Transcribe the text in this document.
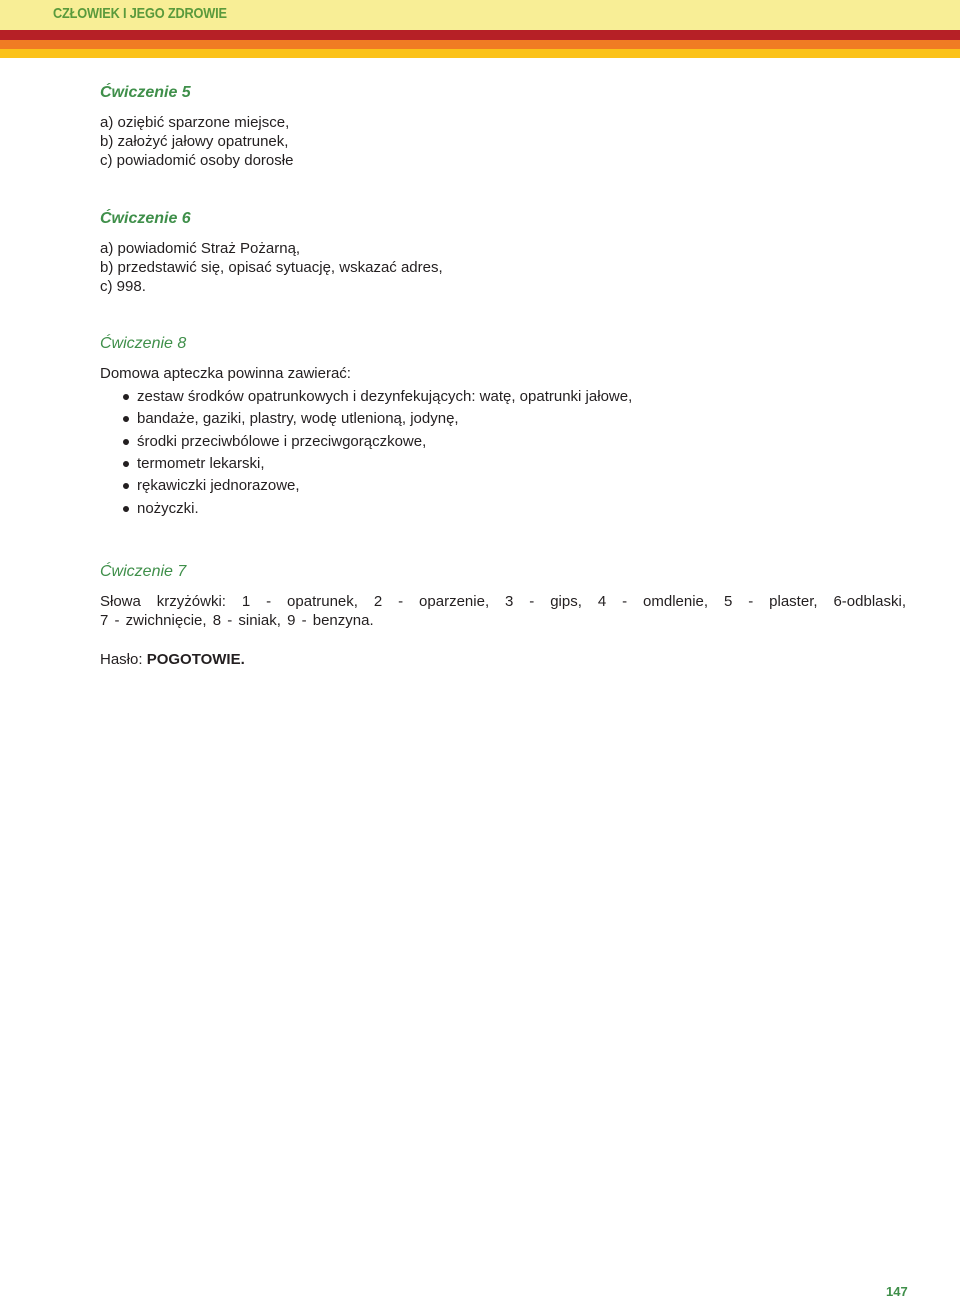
CZŁOWIEK I JEGO ZDROWIE
Ćwiczenie 5
a) oziębić sparzone miejsce,
b) założyć jałowy opatrunek,
c) powiadomić osoby dorosłe
Ćwiczenie 6
a) powiadomić Straż Pożarną,
b) przedstawić się, opisać sytuację, wskazać adres,
c) 998.
Ćwiczenie 8
Domowa apteczka powinna zawierać:
zestaw środków opatrunkowych i dezynfekujących: watę, opatrunki jałowe,
bandaże, gaziki, plastry, wodę utlenioną, jodynę,
środki przeciwbólowe i przeciwgorączkowe,
termometr lekarski,
rękawiczki jednorazowe,
nożyczki.
Ćwiczenie 7
Słowa krzyżówki: 1 - opatrunek, 2 - oparzenie, 3 - gips, 4 - omdlenie, 5 - plaster, 6-odblaski,
7 - zwichnięcie, 8 - siniak, 9 - benzyna.
Hasło: POGOTOWIE.
147
